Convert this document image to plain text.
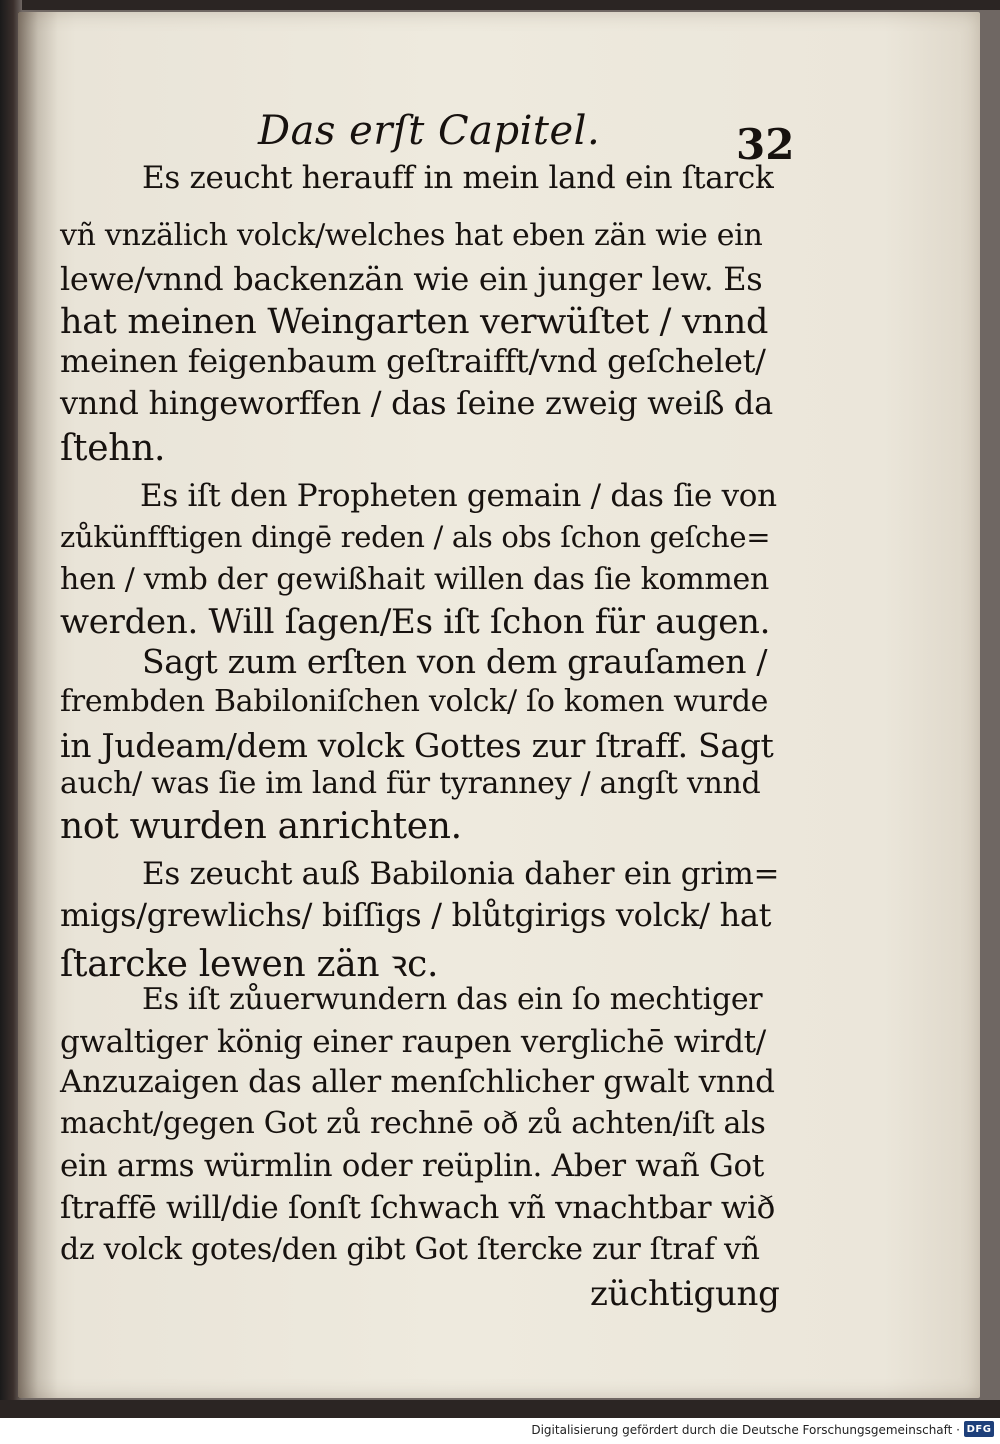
Das erſt Capitel.	32
Es zeucht herauff in mein land ein ſtarck
vñ vnzälich volck/welches hat eben zän wie ein
lewe/vnnd backenzän wie ein junger lew. Es
hat meinen Weingarten verwüſtet / vnnd
meinen feigenbaum geſtraifft/vnd geſchelet/
vnnd hingeworffen / das ſeine zweig weiß da
ſtehn.
Es iſt den Propheten gemain / das ſie von
zůkünfftigen dingē reden / als obs ſchon geſche=
hen / vmb der gewißhait willen das ſie kommen
werden. Will ſagen/Es iſt ſchon für augen.
Sagt zum erſten von dem grauſamen /
frembden Babiloniſchen volck/ ſo komen wurde
in Judeam/dem volck Gottes zur ſtraff. Sagt
auch/ was ſie im land für tyranney / angſt vnnd
not wurden anrichten.
Es zeucht auß Babilonia daher ein grim=
migs/grewlichs/ biſſigs / blůtgirigs volck/ hat
ſtarcke lewen zän ꝛc.
Es iſt zůuerwundern das ein ſo mechtiger
gwaltiger könig einer raupen verglichē wirdt/
Anzuzaigen das aller menſchlicher gwalt vnnd
macht/gegen Got zů rechnē oð zů achten/iſt als
ein arms würmlin oder reüplin. Aber wañ Got
ſtraffē will/die ſonſt ſchwach vñ vnachtbar wið
dz volck gotes/den gibt Got ſtercke zur ſtraf vñ
züchtigung
Digitalisierung gefördert durch die Deutsche Forschungsgemeinschaft · DFG
